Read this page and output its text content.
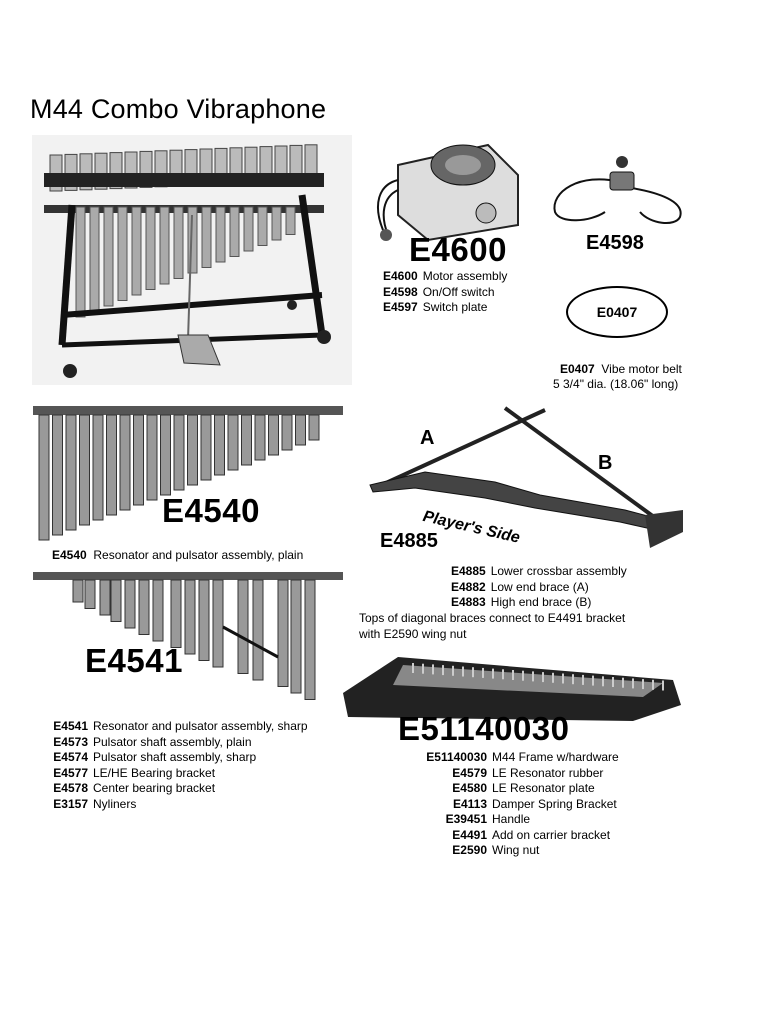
M44 Combo Vibraphone
E4600	E4598
E4600 Motor assembly
E4598 On/Off switch
E4597 Switch plate	E0407
E0407 Vibe motor belt
5 3/4" dia. (18.06" long)
E4540
E4540 Resonator and pulsator assembly, plain
A
B
Player's Side
E4885
E4885 Lower crossbar assembly
E4882 Low end brace (A)
E4883 High end brace (B)
Tops of diagonal braces connect to E4491 bracket
with E2590 wing nut
E4541
E4541 Resonator and pulsator assembly, sharp
E4573 Pulsator shaft assembly, plain
E4574 Pulsator shaft assembly, sharp
E4577 LE/HE Bearing bracket
E4578 Center bearing bracket
E3157 Nyliners
E51140030
E51140030 M44 Frame w/hardware
E4579 LE Resonator rubber
E4580 LE Resonator plate
E4113 Damper Spring Bracket
E39451 Handle
E4491 Add on carrier bracket
E2590 Wing nut
